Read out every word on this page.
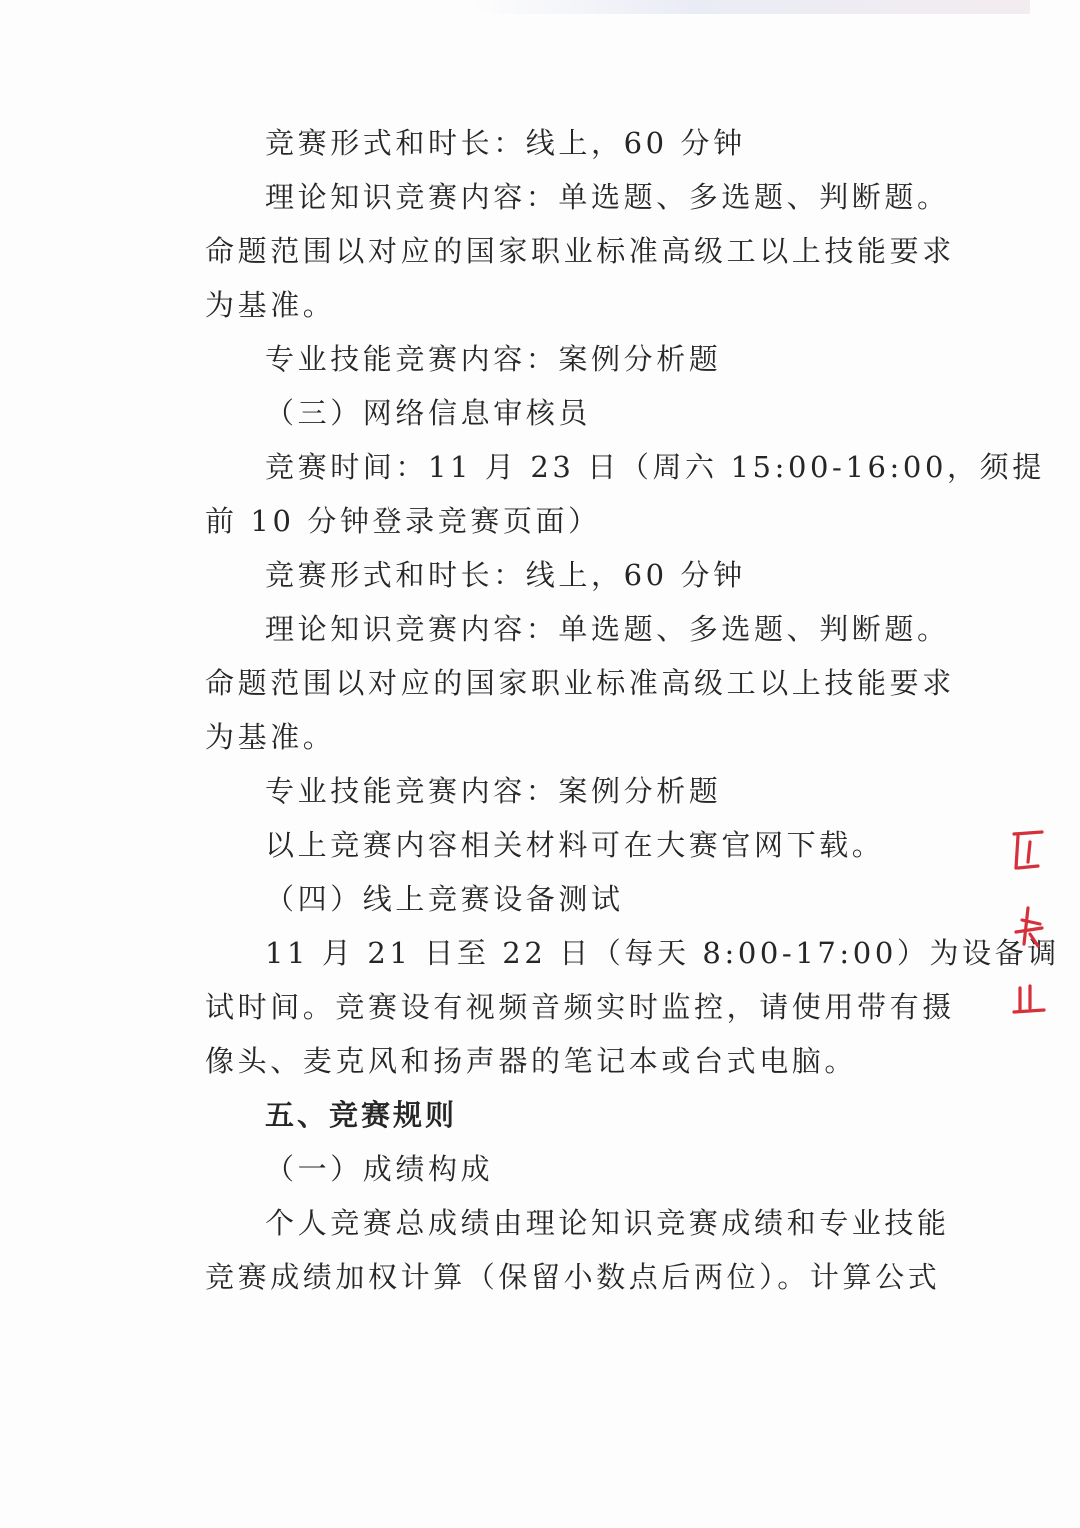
竞赛形式和时长：线上，60 分钟
理论知识竞赛内容：单选题、多选题、判断题。
命题范围以对应的国家职业标准高级工以上技能要求
为基准。
专业技能竞赛内容：案例分析题
（三）网络信息审核员
竞赛时间：11 月 23 日（周六 15:00-16:00，须提
前 10 分钟登录竞赛页面）
竞赛形式和时长：线上，60 分钟
理论知识竞赛内容：单选题、多选题、判断题。
命题范围以对应的国家职业标准高级工以上技能要求
为基准。
专业技能竞赛内容：案例分析题
以上竞赛内容相关材料可在大赛官网下载。
（四）线上竞赛设备测试
11 月 21 日至 22 日（每天 8:00-17:00）为设备调
试时间。竞赛设有视频音频实时监控，请使用带有摄
像头、麦克风和扬声器的笔记本或台式电脑。
五、竞赛规则
（一）成绩构成
个人竞赛总成绩由理论知识竞赛成绩和专业技能
竞赛成绩加权计算（保留小数点后两位）。计算公式
